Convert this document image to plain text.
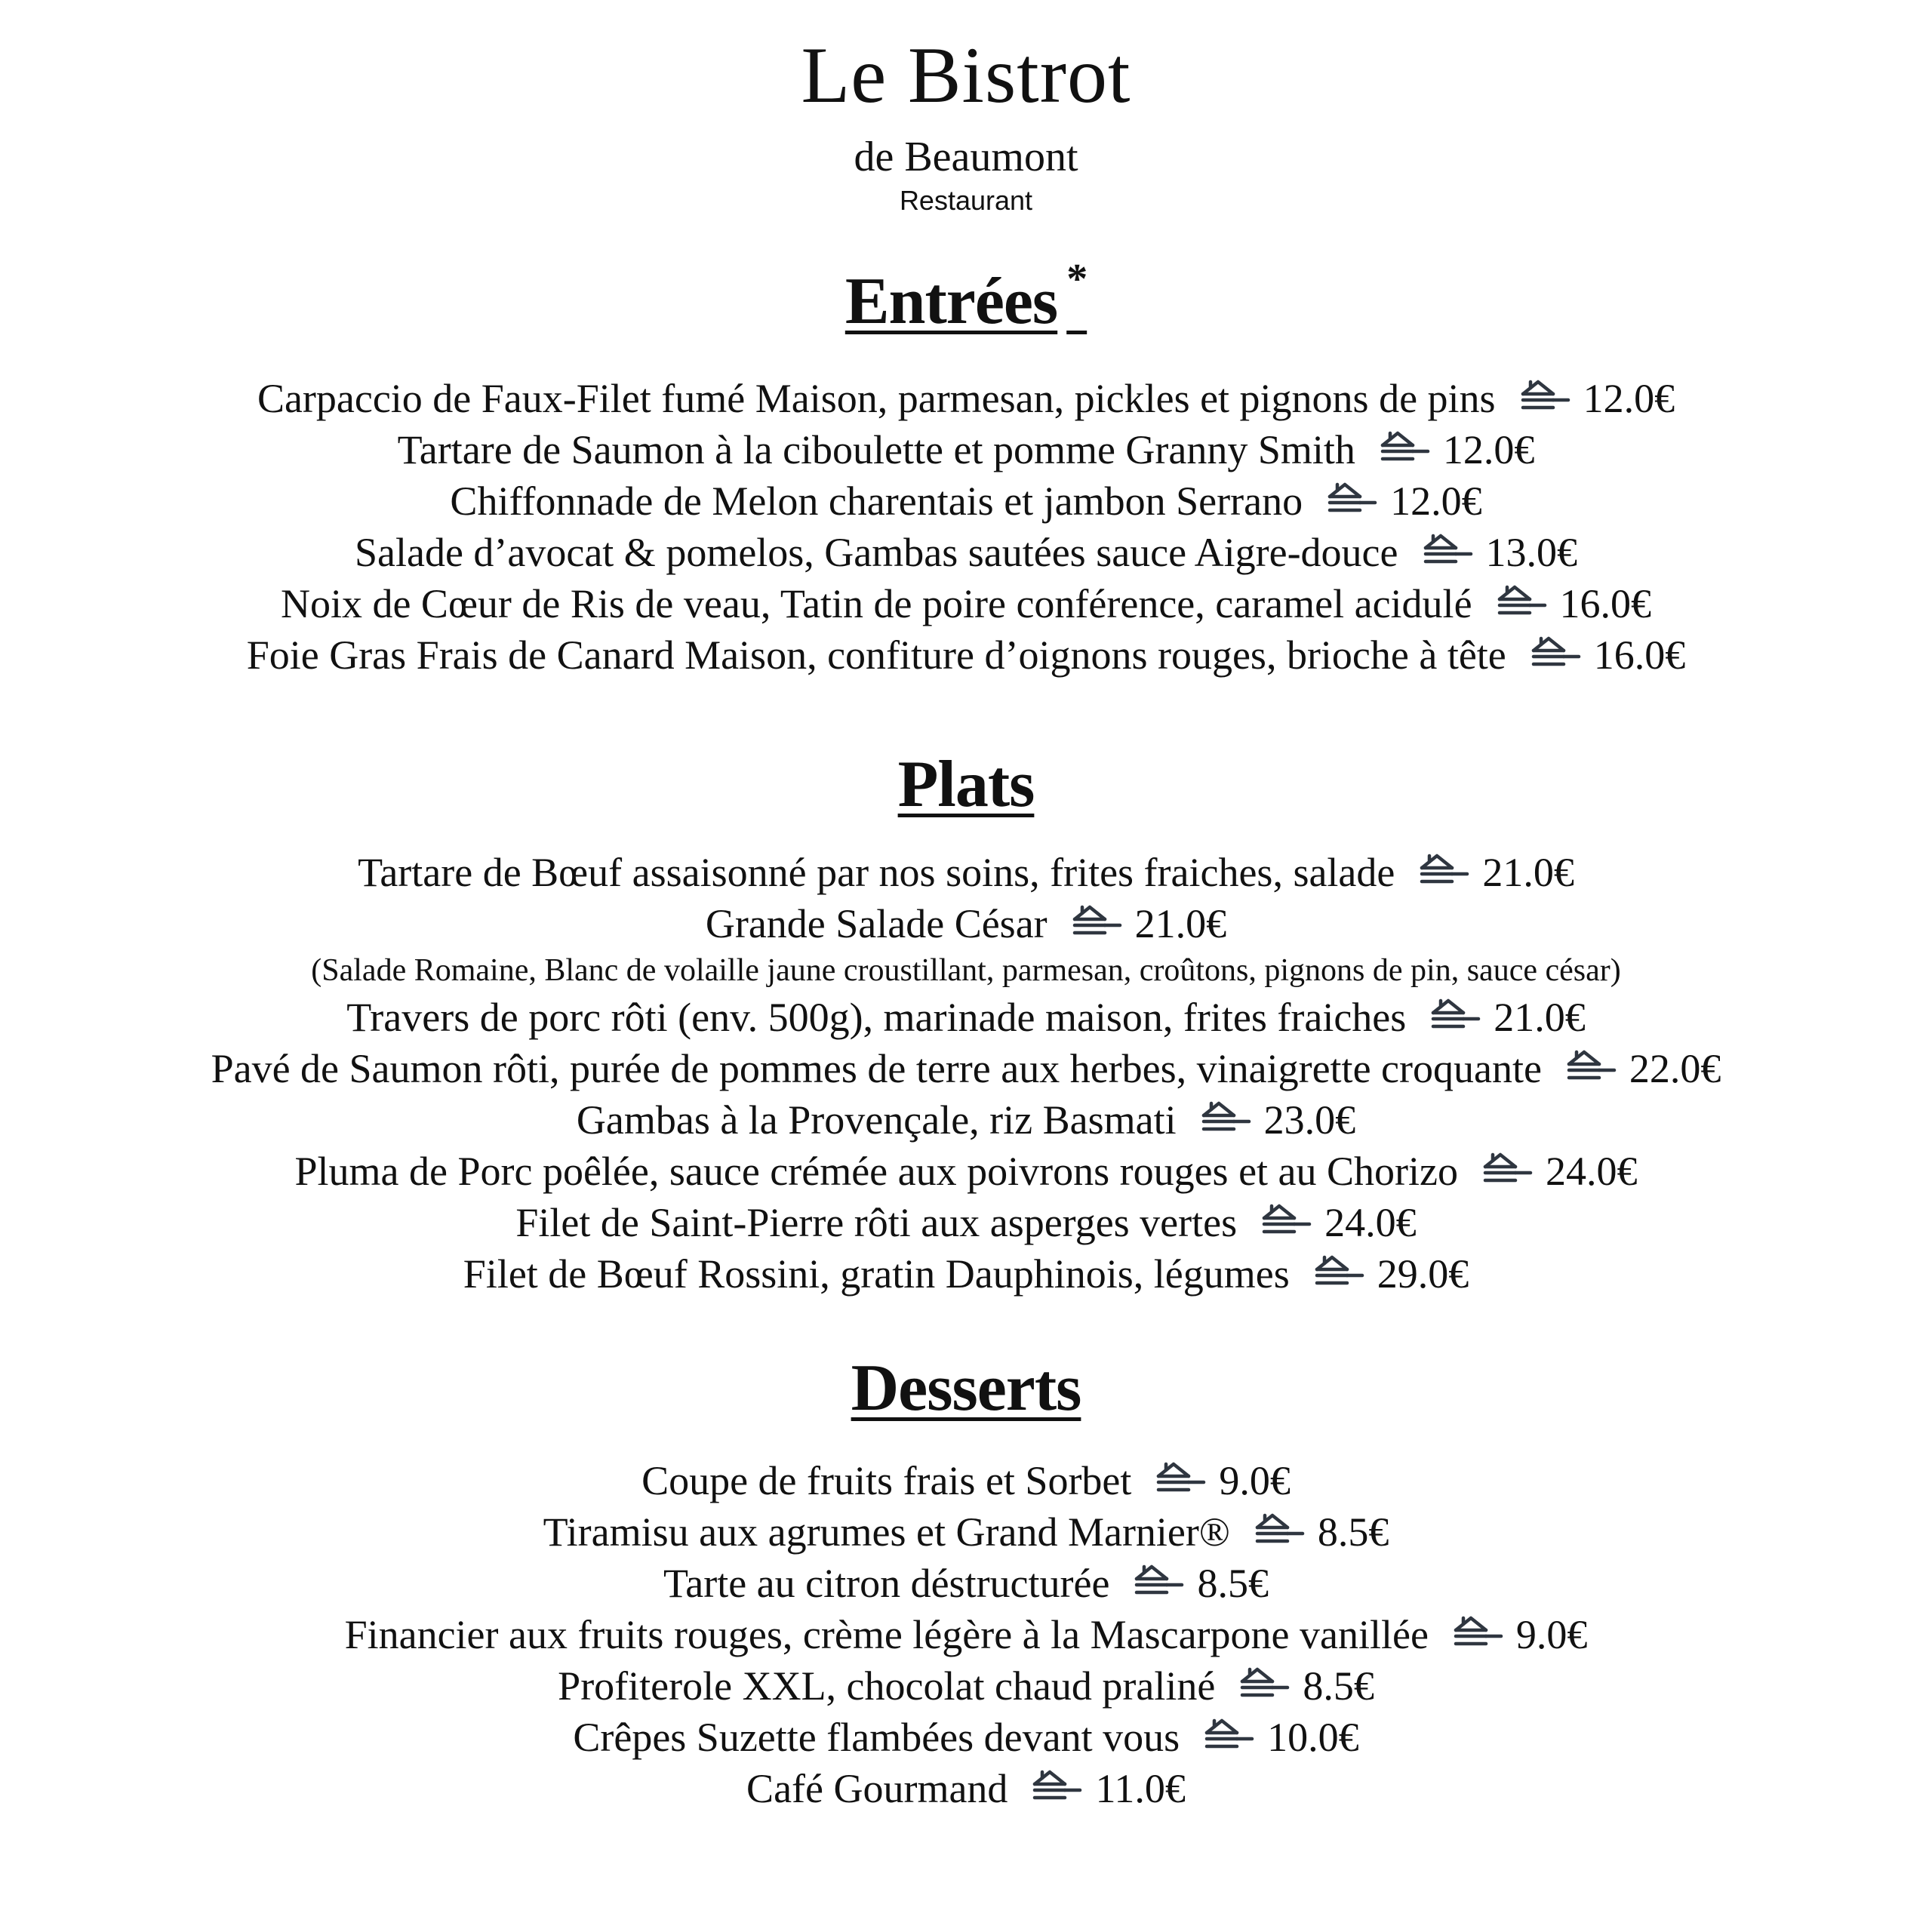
Le Bistrot
de Beaumont
Restaurant
Entrées *
Carpaccio de Faux-Filet fumé Maison, parmesan, pickles et pignons de pins 12.0€
Tartare de Saumon à la ciboulette et pomme Granny Smith 12.0€
Chiffonnade de Melon charentais et jambon Serrano 12.0€
Salade d’avocat & pomelos, Gambas sautées sauce Aigre-douce 13.0€
Noix de Cœur de Ris de veau, Tatin de poire conférence, caramel acidulé 16.0€
Foie Gras Frais de Canard Maison, confiture d’oignons rouges, brioche à tête 16.0€
Plats
Tartare de Bœuf assaisonné par nos soins, frites fraiches, salade 21.0€
Grande Salade César 21.0€
(Salade Romaine, Blanc de volaille jaune croustillant, parmesan, croûtons, pignons de pin, sauce césar)
Travers de porc rôti (env. 500g), marinade maison, frites fraiches 21.0€
Pavé de Saumon rôti, purée de pommes de terre aux herbes, vinaigrette croquante 22.0€
Gambas à la Provençale, riz Basmati 23.0€
Pluma de Porc poêlée, sauce crémée aux poivrons rouges et au Chorizo 24.0€
Filet de Saint-Pierre rôti aux asperges vertes 24.0€
Filet de Bœuf Rossini, gratin Dauphinois, légumes 29.0€
Desserts
Coupe de fruits frais et Sorbet 9.0€
Tiramisu aux agrumes et Grand Marnier® 8.5€
Tarte au citron déstructurée 8.5€
Financier aux fruits rouges, crème légère à la Mascarpone vanillée 9.0€
Profiterole XXL, chocolat chaud praliné 8.5€
Crêpes Suzette flambées devant vous 10.0€
Café Gourmand 11.0€
